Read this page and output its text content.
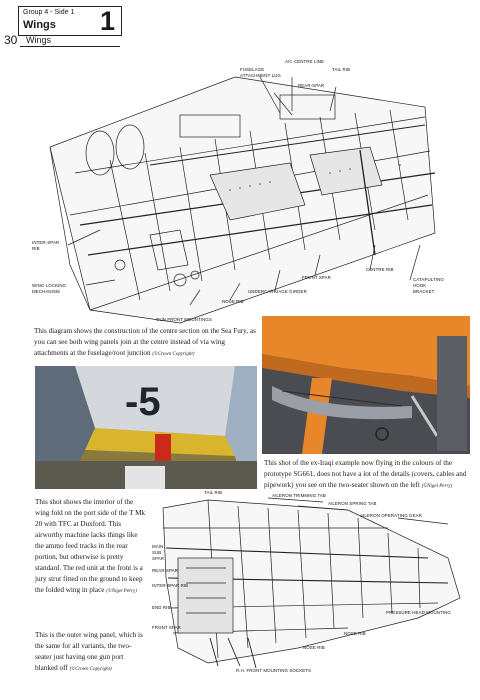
Group 4 - Side 1
Wings 1
30 Wings
A/C CENTRE LINE
TAIL RIB
FUSELAGE ATTACHMENT LUG
REAR-SPAR
INTER-SPAR RIB
WING LOCKING MECHANISM
GUN FRONT MOUNTINGS
NOSE RIB
UNDERCARRIAGE GIRDER
FRONT SPAR
CENTRE RIB
CATAPULTING HOOK BRACKET
This diagram shows the construction of the centre section on the Sea Fury, as you can see both wing panels join at the centre instead of via wing attachments at the fuselage/root junction (©Crown Copyright)
This shot of the ex-Iraqi example now flying in the colours of the prototype SG661, does not have a lot of the details (covers, cables and pipework) you see on the two-seater shown on the left (©Nigel Perry)
-5
This shot shows the interior of the wing fold on the port side of the T Mk 20 with TFC at Duxford. This airworthy machine lacks things like the ammo feed tracks in the rear portion, but otherwise is pretty standard. The red unit at the front is a jury strut fitted on the ground to keep the folded wing in place (©Nigel Perry)
TAIL RIB
AILERON TRIMMING TAB
AILERON SPRING TAB
AILERON OPERATING GEAR
MAIN SUB SPAR
REAR SPAR
INTER-SPAR RIB
END RIB
FRONT SPAR
PRESSURE HEAD MOUNTING
NOSE RIB
NOSE RIB
R.H. FRONT MOUNTING SOCKETS
This is the outer wing panel, which is the same for all variants, the two-seater just having one gun port blanked off (©Crown Copyright)
